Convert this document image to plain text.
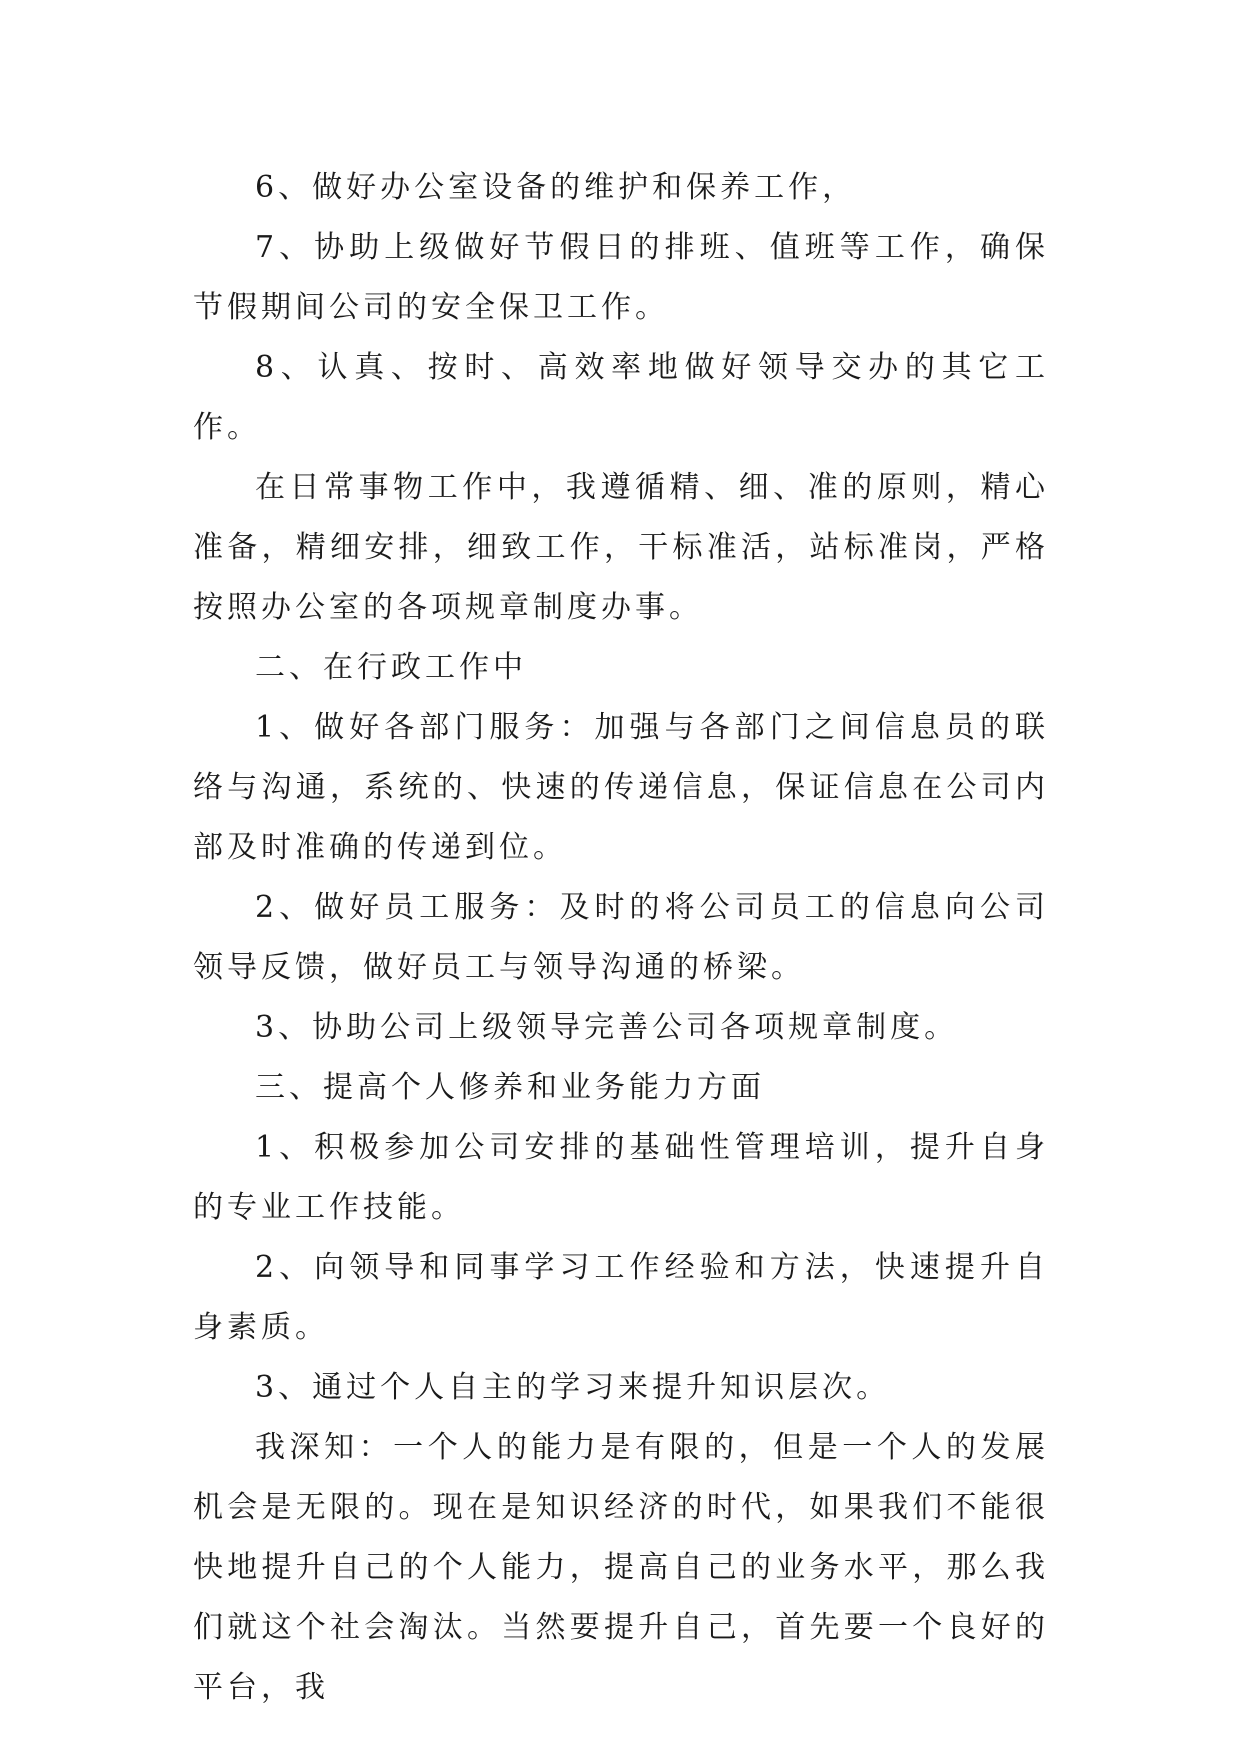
6、做好办公室设备的维护和保养工作，

7、协助上级做好节假日的排班、值班等工作，确保节假期间公司的安全保卫工作。

8、认真、按时、高效率地做好领导交办的其它工作。

在日常事物工作中，我遵循精、细、准的原则，精心准备，精细安排，细致工作，干标准活，站标准岗，严格按照办公室的各项规章制度办事。

二、在行政工作中

1、做好各部门服务：加强与各部门之间信息员的联络与沟通，系统的、快速的传递信息，保证信息在公司内部及时准确的传递到位。

2、做好员工服务：及时的将公司员工的信息向公司领导反馈，做好员工与领导沟通的桥梁。

3、协助公司上级领导完善公司各项规章制度。

三、提高个人修养和业务能力方面

1、积极参加公司安排的基础性管理培训，提升自身的专业工作技能。

2、向领导和同事学习工作经验和方法，快速提升自身素质。

3、通过个人自主的学习来提升知识层次。

我深知：一个人的能力是有限的，但是一个人的发展机会是无限的。现在是知识经济的时代，如果我们不能很快地提升自己的个人能力，提高自己的业务水平，那么我们就这个社会淘汰。当然要提升自己，首先要一个良好的平台，我
